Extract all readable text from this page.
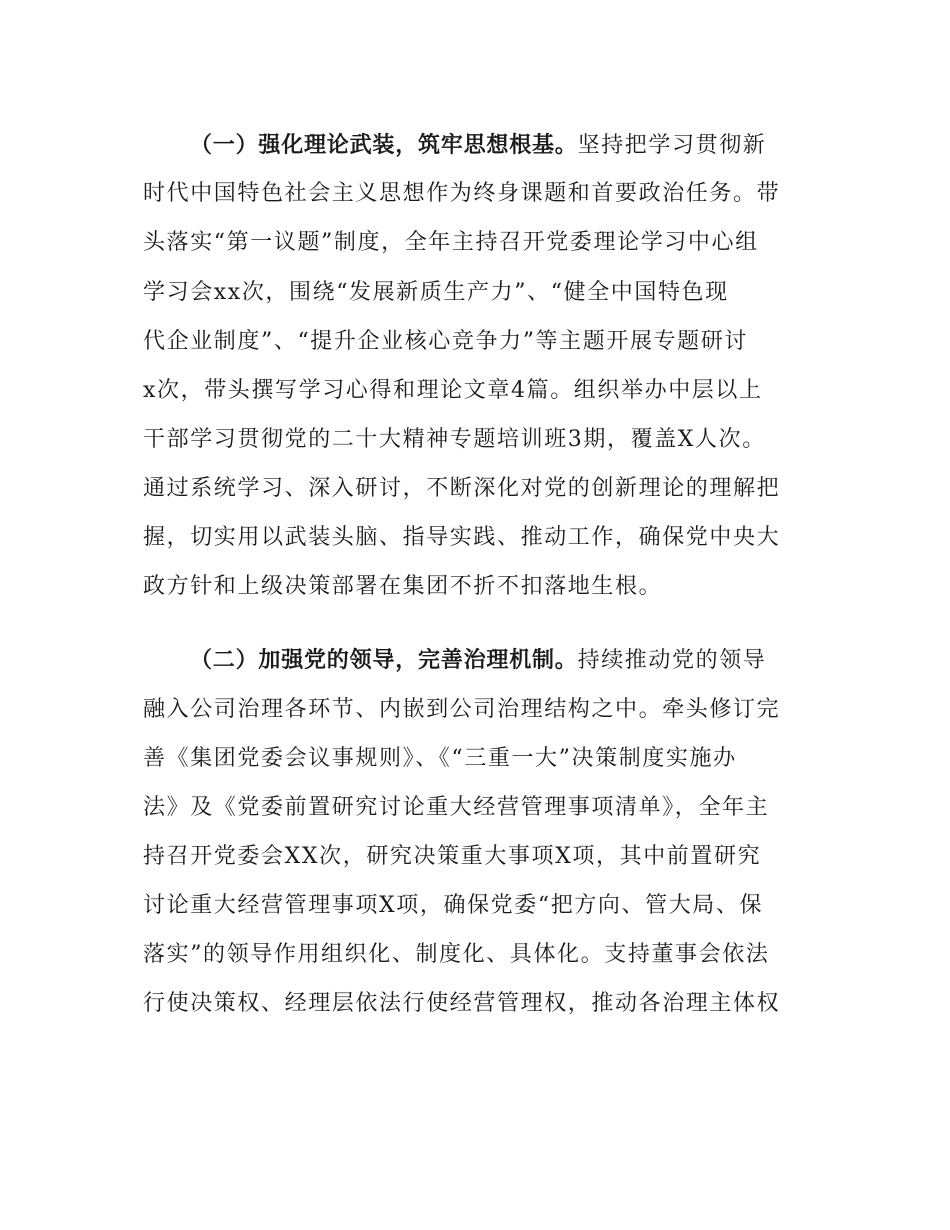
（一）强化理论武装，筑牢思想根基。坚持把学习贯彻新
时代中国特色社会主义思想作为终身课题和首要政治任务。带
头落实“第一议题”制度，全年主持召开党委理论学习中心组
学习会xx次，围绕“发展新质生产力”、“健全中国特色现
代企业制度”、“提升企业核心竞争力”等主题开展专题研讨
x次，带头撰写学习心得和理论文章4篇。组织举办中层以上
干部学习贯彻党的二十大精神专题培训班3期，覆盖X人次。
通过系统学习、深入研讨，不断深化对党的创新理论的理解把
握，切实用以武装头脑、指导实践、推动工作，确保党中央大
政方针和上级决策部署在集团不折不扣落地生根。
（二）加强党的领导，完善治理机制。持续推动党的领导
融入公司治理各环节、内嵌到公司治理结构之中。牵头修订完
善《集团党委会议事规则》、《“三重一大”决策制度实施办
法》及《党委前置研究讨论重大经营管理事项清单》，全年主
持召开党委会XX次，研究决策重大事项X项，其中前置研究
讨论重大经营管理事项X项，确保党委“把方向、管大局、保
落实”的领导作用组织化、制度化、具体化。支持董事会依法
行使决策权、经理层依法行使经营管理权，推动各治理主体权
